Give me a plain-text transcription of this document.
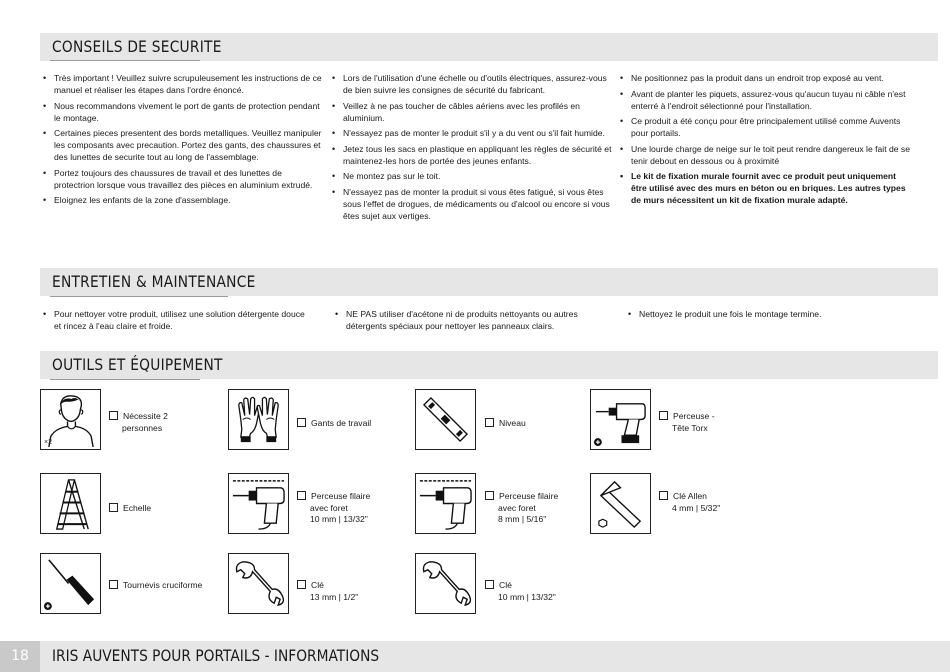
CONSEILS DE SECURITE
• Très important ! Veuillez suivre scrupuleusement les instructions de ce manuel et réaliser les étapes dans l'ordre énoncé.
• Nous recommandons vivement le port de gants de protection pendant le montage.
• Certaines pieces presentent des bords metalliques. Veuillez manipuler les composants avec precaution. Portez des gants, des chaussures et des lunettes de securite tout au long de l'assemblage.
• Portez toujours des chaussures de travail et des lunettes de protectrion lorsque vous travaillez des pièces en aluminium extrudé.
• Eloignez les enfants de la zone d'assemblage.
• Lors de l'utilisation d'une échelle ou d'outils électriques, assurez-vous de bien suivre les consignes de sécurité du fabricant.
• Veillez à ne pas toucher de câbles aériens avec les profilés en aluminium.
• N'essayez pas de monter le produit s'il y a du vent ou s'il fait humide.
• Jetez tous les sacs en plastique en appliquant les règles de sécurité et maintenez-les hors de portée des jeunes enfants.
• Ne montez pas sur le toit.
• N'essayez pas de monter la produit si vous êtes fatigué, si vous êtes sous l'effet de drogues, de médicaments ou d'alcool ou encore si vous êtes sujet aux vertiges.
• Ne positionnez pas la produit dans un endroit trop exposé au vent.
• Avant de planter les piquets, assurez-vous qu'aucun tuyau ni câble n'est enterré à l'endroit sélectionné pour l'installation.
• Ce produit a été conçu pour être principalement utilisé comme Auvents pour portails.
• Une lourde charge de neige sur le toit peut rendre dangereux le fait de se tenir debout en dessous ou à proximité
• Le kit de fixation murale fournit avec ce produit peut uniquement être utilisé avec des murs en béton ou en briques. Les autres types de murs nécessitent un kit de fixation murale adapté.
ENTRETIEN & MAINTENANCE
• Pour nettoyer votre produit, utilisez une solution détergente douce et rincez à l'eau claire et froide.
• NE PAS utiliser d'acétone ni de produits nettoyants ou autres détergents spéciaux pour nettoyer les panneaux clairs.
• Nettoyez le produit une fois le montage termine.
OUTILS ET ÉQUIPEMENT
×2
Nécessite 2
personnes	Gants de travail	Niveau
Perceuse -
Tête Torx
Echelle
Perceuse filaire
avec foret
10 mm | 13/32"
Perceuse filaire
avec foret
8 mm | 5/16"
Clé Allen
4 mm | 5/32"
Tournevis cruciforme	Clé
13 mm | 1/2"
Clé
10 mm | 13/32"
18	IRIS AUVENTS POUR PORTAILS - INFORMATIONS
